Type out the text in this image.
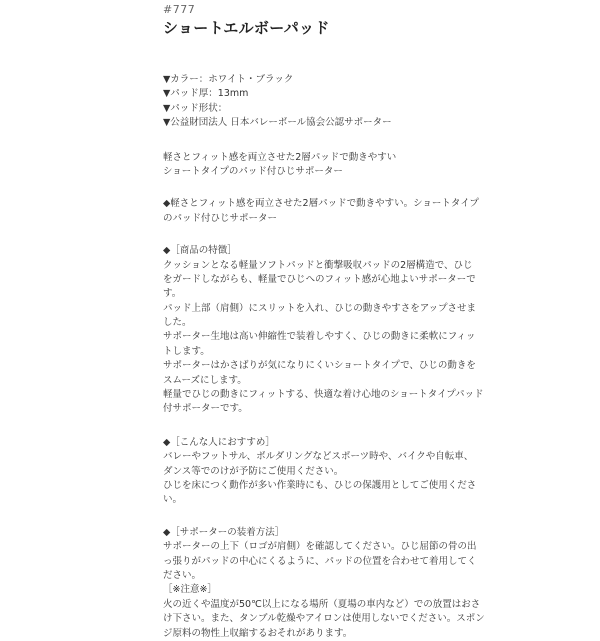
#777
ショートエルボーパッド
▼カラー：ホワイト・ブラック
▼パッド厚：13mm
▼パッド形状：
▼公益財団法人 日本バレーボール協会公認サポーター
軽さとフィット感を両立させた2層パッドで動きやすい
ショートタイプのパッド付ひじサポーター
◆軽さとフィット感を両立させた2層パッドで動きやすい。ショートタイプ
のパッド付ひじサポーター
◆［商品の特徴］
クッションとなる軽量ソフトパッドと衝撃吸収パッドの2層構造で、ひじ
をガードしながらも、軽量でひじへのフィット感が心地よいサポーターで
す。
パッド上部（肩側）にスリットを入れ、ひじの動きやすさをアップさせま
した。
サポーター生地は高い伸縮性で装着しやすく、ひじの動きに柔軟にフィッ
トします。
サポーターはかさばりが気になりにくいショートタイプで、ひじの動きを
スムーズにします。
軽量でひじの動きにフィットする、快適な着け心地のショートタイプパッド
付サポーターです。
◆［こんな人におすすめ］
バレーやフットサル、ボルダリングなどスポーツ時や、バイクや自転車、
ダンス等でのけが予防にご使用ください。
ひじを床につく動作が多い作業時にも、ひじの保護用としてご使用くださ
い。
◆［サポーターの装着方法］
サポーターの上下（ロゴが肩側）を確認してください。ひじ屈節の骨の出
っ張りがパッドの中心にくるように、パッドの位置を合わせて着用してく
ださい。
［※注意※］
火の近くや温度が50℃以上になる場所（夏場の車内など）での放置はおさ
け下さい。また、タンブル乾燥やアイロンは使用しないでください。スポン
ジ原料の物性上収縮するおそれがあります。
